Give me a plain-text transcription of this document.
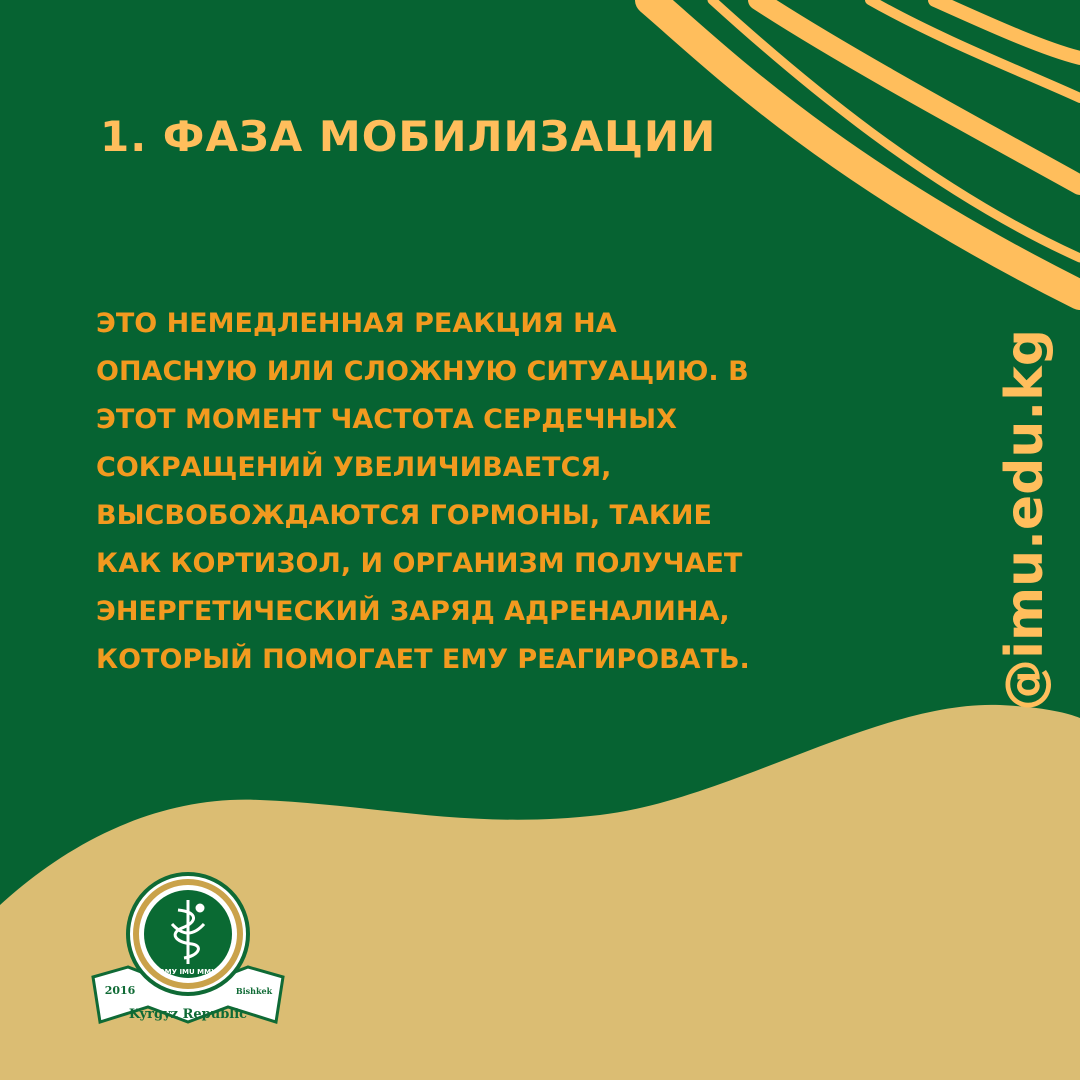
1. ФАЗА МОБИЛИЗАЦИИ

ЭТО НЕМЕДЛЕННАЯ РЕАКЦИЯ НА
ОПАСНУЮ ИЛИ СЛОЖНУЮ СИТУАЦИЮ. В
ЭТОТ МОМЕНТ ЧАСТОТА СЕРДЕЧНЫХ
СОКРАЩЕНИЙ УВЕЛИЧИВАЕТСЯ,
ВЫСВОБОЖДАЮТСЯ ГОРМОНЫ, ТАКИЕ
КАК КОРТИЗОЛ, И ОРГАНИЗМ ПОЛУЧАЕТ
ЭНЕРГЕТИЧЕСКИЙ ЗАРЯД АДРЕНАЛИНА,
КОТОРЫЙ ПОМОГАЕТ ЕМУ РЕАГИРОВАТЬ.	@imu.edu.kg
ЭМУ IMU ММУ
2016	Bishkek
Kyrgyz Republic
